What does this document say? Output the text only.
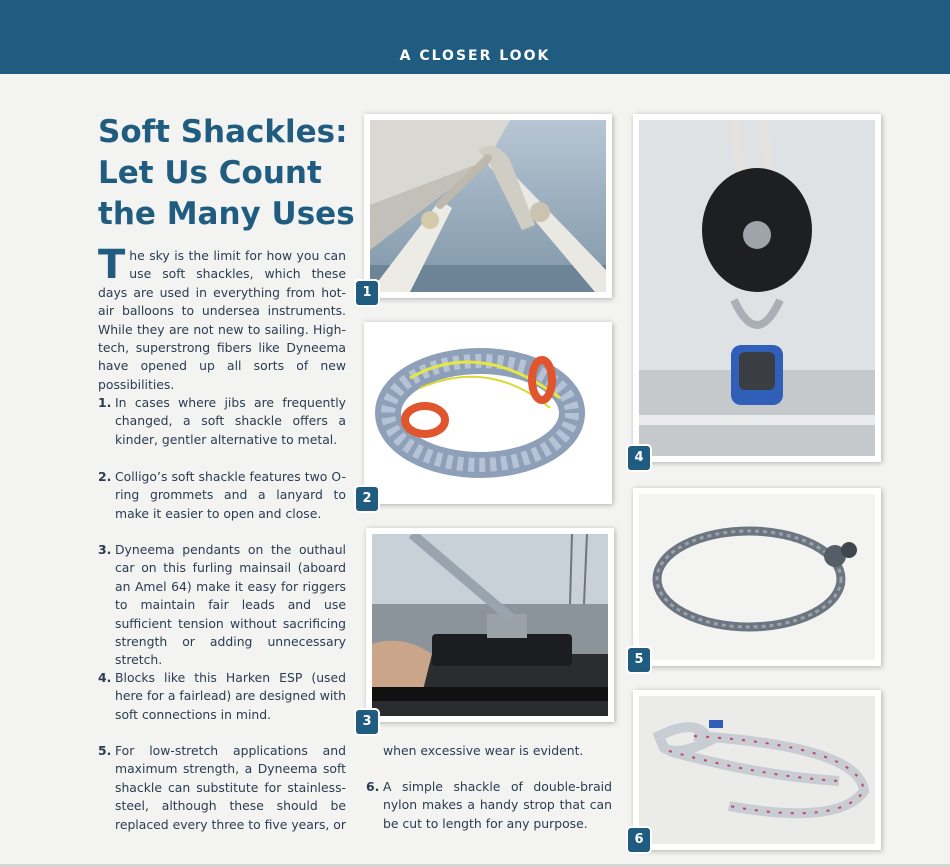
A CLOSER LOOK
Soft Shackles: Let Us Count the Many Uses

The sky is the limit for how you can use soft shackles, which these days are used in everything from hot-air balloons to undersea instruments. While they are not new to sailing. High-tech, superstrong fibers like Dyneema have opened up all sorts of new possibilities.

1. In cases where jibs are frequently changed, a soft shackle offers a kinder, gentler alternative to metal.
2. Colligo’s soft shackle features two O-ring grommets and a lanyard to make it easier to open and close.
3. Dyneema pendants on the outhaul car on this furling mainsail (aboard an Amel 64) make it easy for riggers to maintain fair leads and use sufficient tension without sacrificing strength or adding unnecessary stretch.
4. Blocks like this Harken ESP (used here for a fairlead) are designed with soft connections in mind.
5. For low-stretch applications and maximum strength, a Dyneema soft shackle can substitute for stainless-steel, although these should be replaced every three to five years, or
when excessive wear is evident.
6. A simple shackle of double-braid nylon makes a handy strop that can be cut to length for any purpose.
1
2
3
4
5
6
